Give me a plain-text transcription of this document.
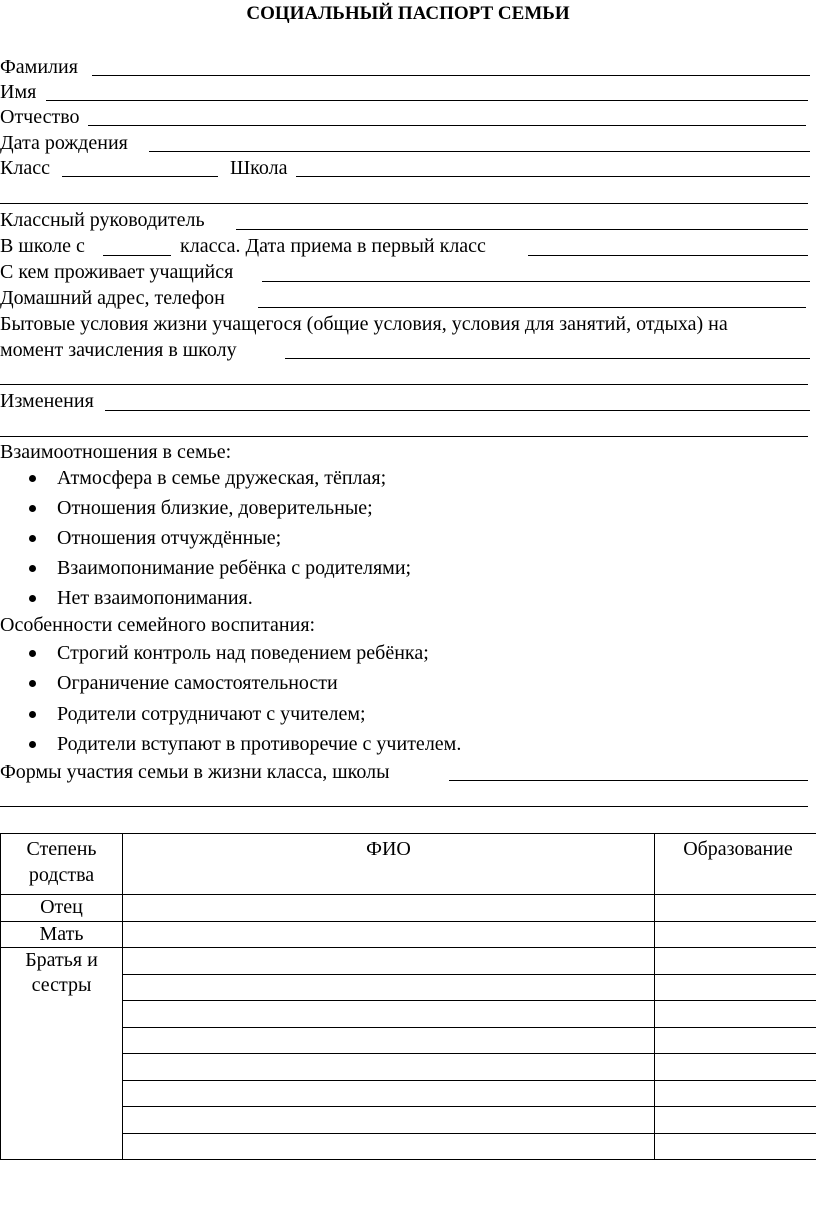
СОЦИАЛЬНЫЙ ПАСПОРТ СЕМЬИ
Фамилия
Имя
Отчество
Дата рождения
Класс	Школа
Классный руководитель
В школе с	класса. Дата приема в первый класс
С кем проживает учащийся
Домашний адрес, телефон
Бытовые условия жизни учащегося (общие условия, условия для занятий, отдыха) на
момент зачисления в школу
Изменения
Взаимоотношения в семье:
Атмосфера в семье дружеская, тёплая;
Отношения близкие, доверительные;
Отношения отчуждённые;
Взаимопонимание ребёнка с родителями;
Нет взаимопонимания.
Особенности семейного воспитания:
Строгий контроль над поведением ребёнка;
Ограничение самостоятельности
Родители сотрудничают с учителем;
Родители вступают в противоречие с учителем.
Формы участия семьи в жизни класса, школы
Степень
родства	ФИО	Образование
Отец		
Мать		

Братья и
сестры		
